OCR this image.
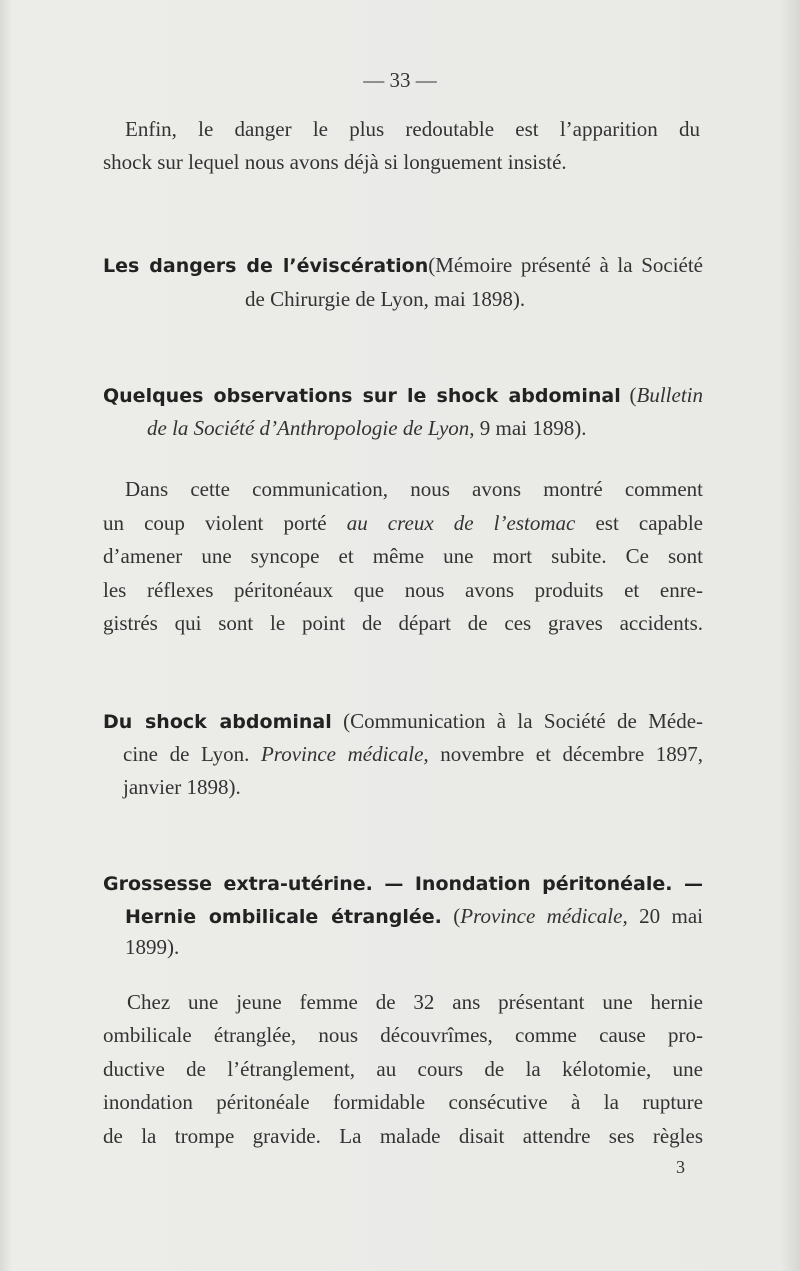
— 33 —
Enfin, le danger le plus redoutable est l’apparition du
shock sur lequel nous avons déjà si longuement insisté.
Les dangers de l’éviscération(Mémoire présenté à la Société
de Chirurgie de Lyon, mai 1898).
Quelques observations sur le shock abdominal (Bulletin
de la Société d’Anthropologie de Lyon, 9 mai 1898).
Dans cette communication, nous avons montré comment
un coup violent porté au creux de l’estomac est capable
d’amener une syncope et même une mort subite. Ce sont
les réflexes péritonéaux que nous avons produits et enre-
gistrés qui sont le point de départ de ces graves accidents.
Du shock abdominal (Communication à la Société de Méde-
cine de Lyon. Province médicale, novembre et décembre 1897,
janvier 1898).
Grossesse extra-utérine. — Inondation péritonéale. —
Hernie ombilicale étranglée. (Province médicale, 20 mai
1899).
Chez une jeune femme de 32 ans présentant une hernie
ombilicale étranglée, nous découvrîmes, comme cause pro-
ductive de l’étranglement, au cours de la kélotomie, une
inondation péritonéale formidable consécutive à la rupture
de la trompe gravide. La malade disait attendre ses règles
3
